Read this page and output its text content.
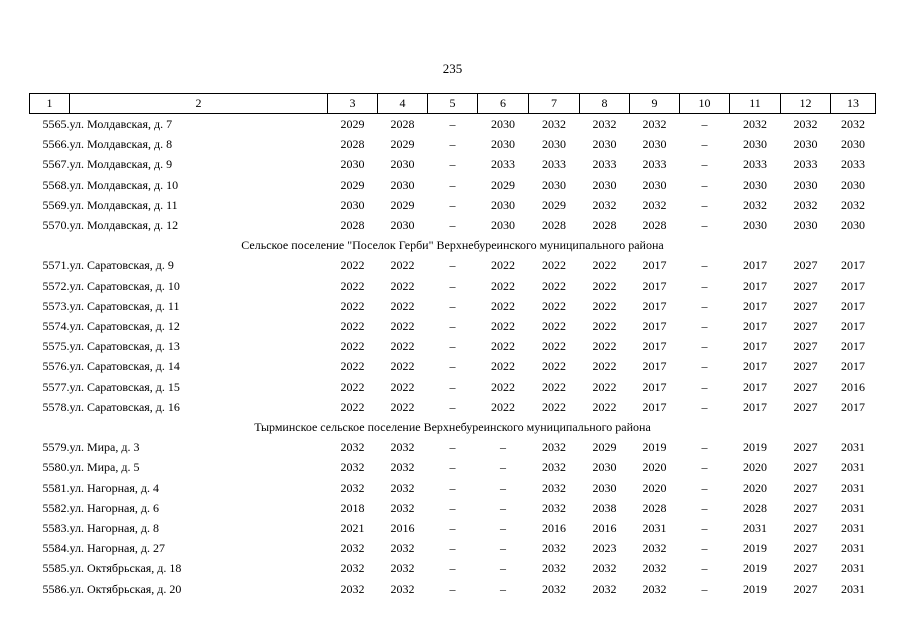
235
1	2	3	4	5	6	7	8	9	10	11	12	13
5565.	ул. Молдавская, д. 7	2029	2028	–	2030	2032	2032	2032	–	2032	2032	2032
5566.	ул. Молдавская, д. 8	2028	2029	–	2030	2030	2030	2030	–	2030	2030	2030
5567.	ул. Молдавская, д. 9	2030	2030	–	2033	2033	2033	2033	–	2033	2033	2033
5568.	ул. Молдавская, д. 10	2029	2030	–	2029	2030	2030	2030	–	2030	2030	2030
5569.	ул. Молдавская, д. 11	2030	2029	–	2030	2029	2032	2032	–	2032	2032	2032
5570.	ул. Молдавская, д. 12	2028	2030	–	2030	2028	2028	2028	–	2030	2030	2030
Сельское поселение "Поселок Герби" Верхнебуреинского муниципального района												
5571.	ул. Саратовская, д. 9	2022	2022	–	2022	2022	2022	2017	–	2017	2027	2017
5572.	ул. Саратовская, д. 10	2022	2022	–	2022	2022	2022	2017	–	2017	2027	2017
5573.	ул. Саратовская, д. 11	2022	2022	–	2022	2022	2022	2017	–	2017	2027	2017
5574.	ул. Саратовская, д. 12	2022	2022	–	2022	2022	2022	2017	–	2017	2027	2017
5575.	ул. Саратовская, д. 13	2022	2022	–	2022	2022	2022	2017	–	2017	2027	2017
5576.	ул. Саратовская, д. 14	2022	2022	–	2022	2022	2022	2017	–	2017	2027	2017
5577.	ул. Саратовская, д. 15	2022	2022	–	2022	2022	2022	2017	–	2017	2027	2016
5578.	ул. Саратовская, д. 16	2022	2022	–	2022	2022	2022	2017	–	2017	2027	2017
Тырминское сельское поселение Верхнебуреинского муниципального района												
5579.	ул. Мира, д. 3	2032	2032	–	–	2032	2029	2019	–	2019	2027	2031
5580.	ул. Мира, д. 5	2032	2032	–	–	2032	2030	2020	–	2020	2027	2031
5581.	ул. Нагорная, д. 4	2032	2032	–	–	2032	2030	2020	–	2020	2027	2031
5582.	ул. Нагорная, д. 6	2018	2032	–	–	2032	2038	2028	–	2028	2027	2031
5583.	ул. Нагорная, д. 8	2021	2016	–	–	2016	2016	2031	–	2031	2027	2031
5584.	ул. Нагорная, д. 27	2032	2032	–	–	2032	2023	2032	–	2019	2027	2031
5585.	ул. Октябрьская, д. 18	2032	2032	–	–	2032	2032	2032	–	2019	2027	2031
5586.	ул. Октябрьская, д. 20	2032	2032	–	–	2032	2032	2032	–	2019	2027	2031
